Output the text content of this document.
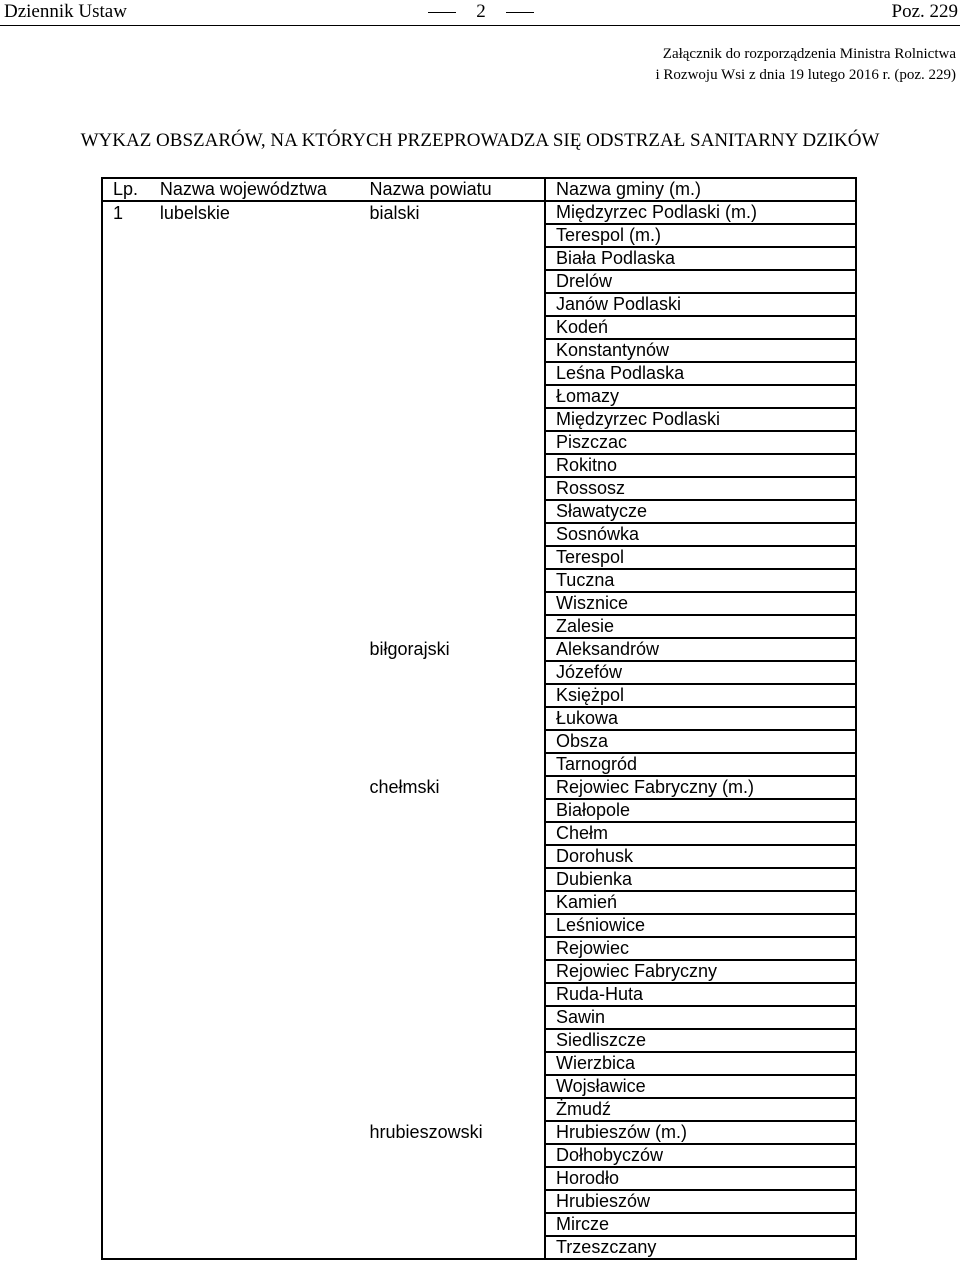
Dziennik Ustaw	2	Poz. 229
Załącznik do rozporządzenia Ministra Rolnictwa
i Rozwoju Wsi z dnia 19 lutego 2016 r. (poz. 229)
WYKAZ OBSZARÓW, NA KTÓRYCH PRZEPROWADZA SIĘ ODSTRZAŁ SANITARNY DZIKÓW
Lp.	Nazwa województwa	Nazwa powiatu	Nazwa gminy (m.)
1	lubelskie	bialski	Międzyrzec Podlaski (m.)
			Terespol (m.)
			Biała Podlaska
			Drelów
			Janów Podlaski
			Kodeń
			Konstantynów
			Leśna Podlaska
			Łomazy
			Międzyrzec Podlaski
			Piszczac
			Rokitno
			Rossosz
			Sławatycze
			Sosnówka
			Terespol
			Tuczna
			Wisznice
			Zalesie
		biłgorajski	Aleksandrów
			Józefów
			Księżpol
			Łukowa
			Obsza
			Tarnogród
		chełmski	Rejowiec Fabryczny (m.)
			Białopole
			Chełm
			Dorohusk
			Dubienka
			Kamień
			Leśniowice
			Rejowiec
			Rejowiec Fabryczny
			Ruda-Huta
			Sawin
			Siedliszcze
			Wierzbica
			Wojsławice
			Żmudź
		hrubieszowski	Hrubieszów (m.)
			Dołhobyczów
			Horodło
			Hrubieszów
			Mircze
			Trzeszczany
